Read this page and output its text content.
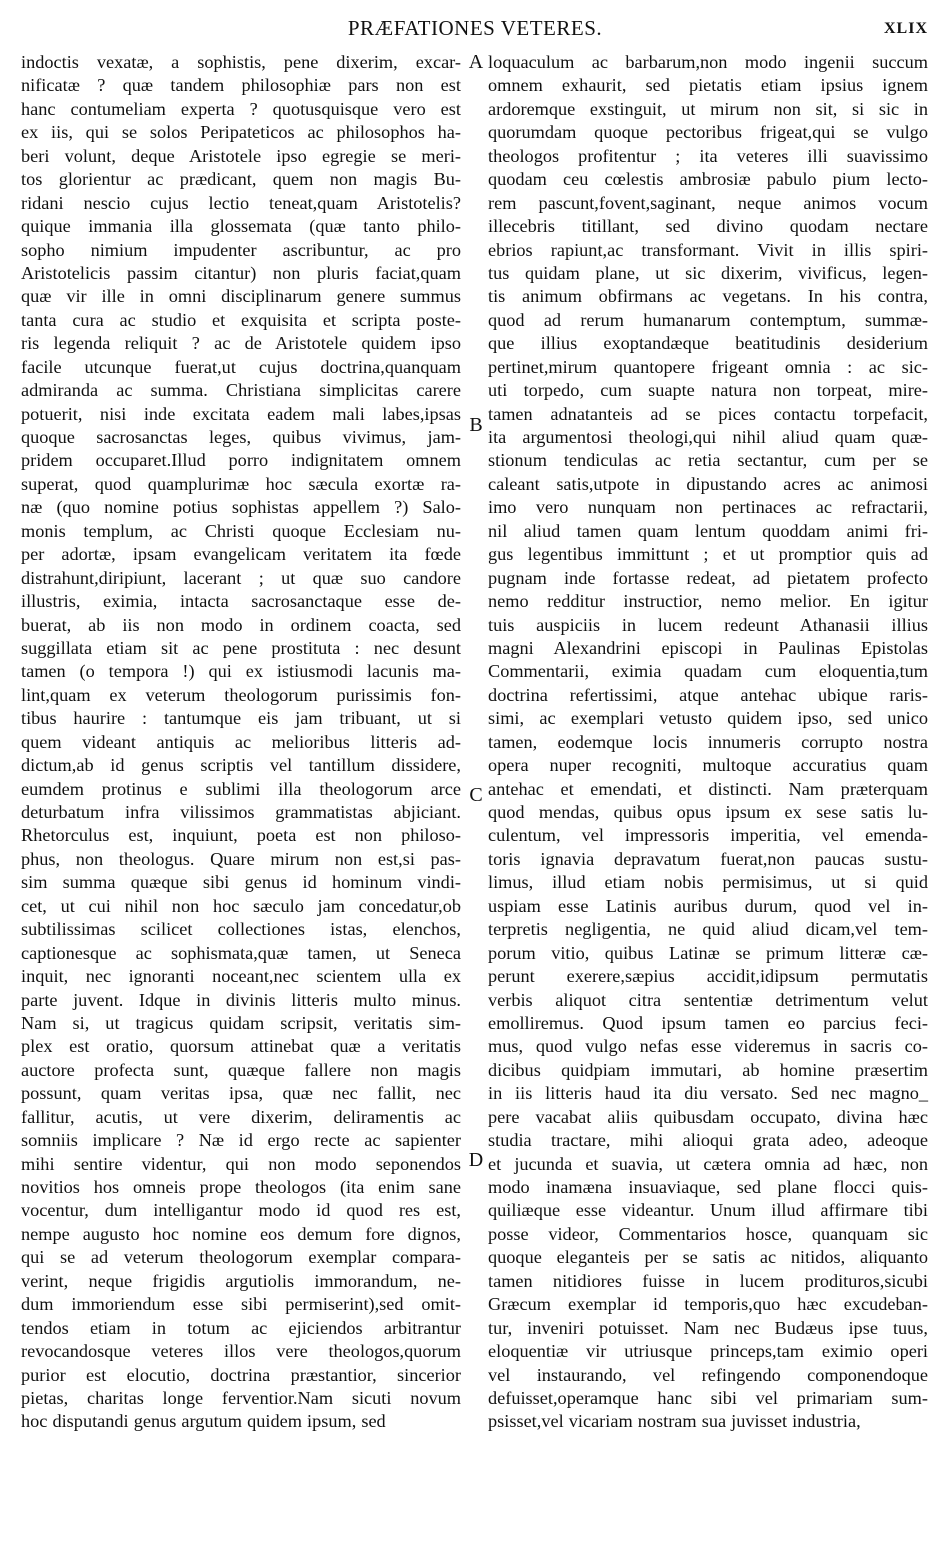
PRÆFATIONES VETERES.	XLIX
indoctis vexatæ, a sophistis, pene dixerim, excar-
nificatæ ? quæ tandem philosophiæ pars non est
hanc contumeliam experta ? quotusquisque vero est
ex iis, qui se solos Peripateticos ac philosophos ha-
beri volunt, deque Aristotele ipso egregie se meri-
tos glorientur ac prædicant, quem non magis Bu-
ridani nescio cujus lectio teneat,quam Aristotelis?
quique immania illa glossemata (quæ tanto philo-
sopho nimium impudenter ascribuntur, ac pro
Aristotelicis passim citantur) non pluris faciat,quam
quæ vir ille in omni disciplinarum genere summus
tanta cura ac studio et exquisita et scripta poste-
ris legenda reliquit ? ac de Aristotele quidem ipso
facile utcunque fuerat,ut cujus doctrina,quanquam
admiranda ac summa. Christiana simplicitas carere
potuerit, nisi inde excitata eadem mali labes,ipsas
quoque sacrosanctas leges, quibus vivimus, jam-
pridem occuparet.Illud porro indignitatem omnem
superat, quod quamplurimæ hoc sæcula exortæ ra-
næ (quo nomine potius sophistas appellem ?) Salo-
monis templum, ac Christi quoque Ecclesiam nu-
per adortæ, ipsam evangelicam veritatem ita fœde
distrahunt,diripiunt, lacerant ; ut quæ suo candore
illustris, eximia, intacta sacrosanctaque esse de-
buerat, ab iis non modo in ordinem coacta, sed
suggillata etiam sit ac pene prostituta : nec desunt
tamen (o tempora !) qui ex istiusmodi lacunis ma-
lint,quam ex veterum theologorum purissimis fon-
tibus haurire : tantumque eis jam tribuant, ut si
quem videant antiquis ac melioribus litteris ad-
dictum,ab id genus scriptis vel tantillum dissidere,
eumdem protinus e sublimi illa theologorum arce
deturbatum infra vilissimos grammatistas abjiciant.
Rhetorculus est, inquiunt, poeta est non philoso-
phus, non theologus. Quare mirum non est,si pas-
sim summa quæque sibi genus id hominum vindi-
cet, ut cui nihil non hoc sæculo jam concedatur,ob
subtilissimas scilicet collectiones istas, elenchos,
captionesque ac sophismata,quæ tamen, ut Seneca
inquit, nec ignoranti noceant,nec scientem ulla ex
parte juvent. Idque in divinis litteris multo minus.
Nam si, ut tragicus quidam scripsit, veritatis sim-
plex est oratio, quorsum attinebat quæ a veritatis
auctore profecta sunt, quæque fallere non magis
possunt, quam veritas ipsa, quæ nec fallit, nec
fallitur, acutis, ut vere dixerim, deliramentis ac
somniis implicare ? Næ id ergo recte ac sapienter
mihi sentire videntur, qui non modo seponendos
novitios hos omneis prope theologos (ita enim sane
vocentur, dum intelligantur modo id quod res est,
nempe augusto hoc nomine eos demum fore dignos,
qui se ad veterum theologorum exemplar compara-
verint, neque frigidis argutiolis immorandum, ne-
dum immoriendum esse sibi permiserint),sed omit-
tendos etiam in totum ac ejiciendos arbitrantur
revocandosque veteres illos vere theologos,quorum
purior est elocutio, doctrina præstantior, sincerior
pietas, charitas longe ferventior.Nam sicuti novum
hoc disputandi genus argutum quidem ipsum, sed
A
B
C
D
loquaculum ac barbarum,non modo ingenii succum
omnem exhaurit, sed pietatis etiam ipsius ignem
ardoremque exstinguit, ut mirum non sit, si sic in
quorumdam quoque pectoribus frigeat,qui se vulgo
theologos profitentur ; ita veteres illi suavissimo
quodam ceu cœlestis ambrosiæ pabulo pium lecto-
rem pascunt,fovent,saginant, neque animos vocum
illecebris titillant, sed divino quodam nectare
ebrios rapiunt,ac transformant. Vivit in illis spiri-
tus quidam plane, ut sic dixerim, vivificus, legen-
tis animum obfirmans ac vegetans. In his contra,
quod ad rerum humanarum contemptum, summæ-
que illius exoptandæque beatitudinis desiderium
pertinet,mirum quantopere frigeant omnia : ac sic-
uti torpedo, cum suapte natura non torpeat, mire-
tamen adnatanteis ad se pices contactu torpefacit,
ita argumentosi theologi,qui nihil aliud quam quæ-
stionum tendiculas ac retia sectantur, cum per se
caleant satis,utpote in dipustando acres ac animosi
imo vero nunquam non pertinaces ac refractarii,
nil aliud tamen quam lentum quoddam animi fri-
gus legentibus immittunt ; et ut promptior quis ad
pugnam inde fortasse redeat, ad pietatem profecto
nemo redditur instructior, nemo melior. En igitur
tuis auspiciis in lucem redeunt Athanasii illius
magni Alexandrini episcopi in Paulinas Epistolas
Commentarii, eximia quadam cum eloquentia,tum
doctrina refertissimi, atque antehac ubique raris-
simi, ac exemplari vetusto quidem ipso, sed unico
tamen, eodemque locis innumeris corrupto nostra
opera nuper recogniti, multoque accuratius quam
antehac et emendati, et distincti. Nam præterquam
quod mendas, quibus opus ipsum ex sese satis lu-
culentum, vel impressoris imperitia, vel emenda-
toris ignavia depravatum fuerat,non paucas sustu-
limus, illud etiam nobis permisimus, ut si quid
uspiam esse Latinis auribus durum, quod vel in-
terpretis negligentia, ne quid aliud dicam,vel tem-
porum vitio, quibus Latinæ se primum litteræ cæ-
perunt exerere,sæpius accidit,idipsum permutatis
verbis aliquot citra sententiæ detrimentum velut
emolliremus. Quod ipsum tamen eo parcius feci-
mus, quod vulgo nefas esse videremus in sacris co-
dicibus quidpiam immutari, ab homine præsertim
in iis litteris haud ita diu versato. Sed nec magno_
pere vacabat aliis quibusdam occupato, divina hæc
studia tractare, mihi alioqui grata adeo, adeoque
et jucunda et suavia, ut cætera omnia ad hæc, non
modo inamæna insuaviaque, sed plane flocci quis-
quiliæque esse videantur. Unum illud affirmare tibi
posse videor, Commentarios hosce, quanquam sic
quoque eleganteis per se satis ac nitidos, aliquanto
tamen nitidiores fuisse in lucem prodituros,sicubi
Græcum exemplar id temporis,quo hæc excudeban-
tur, inveniri potuisset. Nam nec Budæus ipse tuus,
eloquentiæ vir utriusque princeps,tam eximio operi
vel instaurando, vel refingendo componendoque
defuisset,operamque hanc sibi vel primariam sum-
psisset,vel vicariam nostram sua juvisset industria,
